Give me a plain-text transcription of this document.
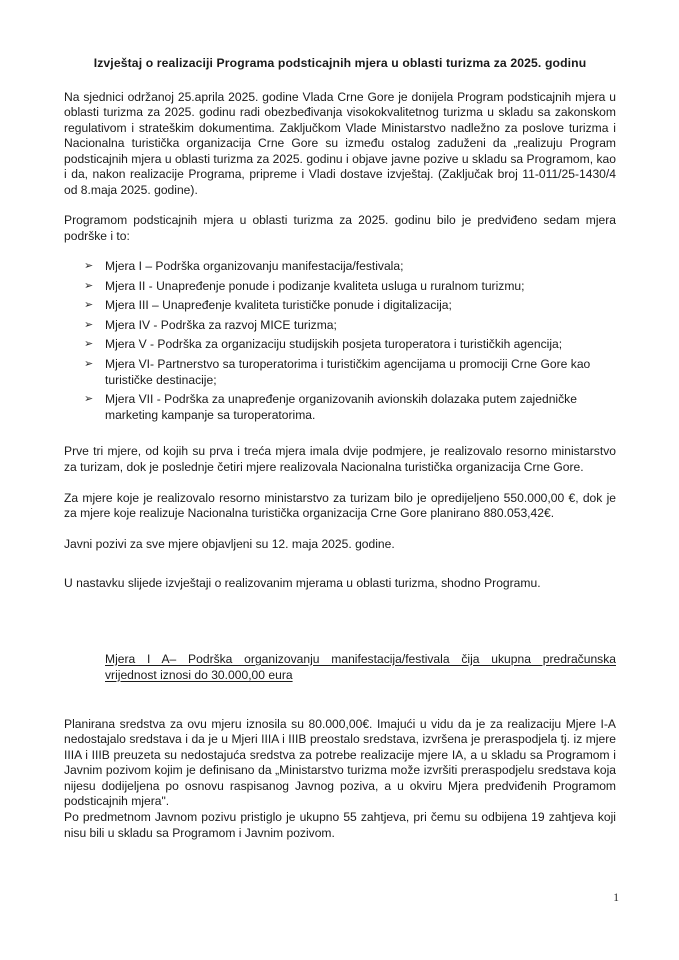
Izvještaj o realizaciji Programa podsticajnih mjera u oblasti turizma za 2025. godinu

Na sjednici održanoj 25.aprila 2025. godine Vlada Crne Gore je donijela Program podsticajnih mjera u oblasti turizma za 2025. godinu radi obezbeđivanja visokokvalitetnog turizma u skladu sa zakonskom regulativom i strateškim dokumentima. Zaključkom Vlade Ministarstvo nadležno za poslove turizma i Nacionalna turistička organizacija Crne Gore su između ostalog zaduženi da „realizuju Program podsticajnih mjera u oblasti turizma za 2025. godinu i objave javne pozive u skladu sa Programom, kao i da, nakon realizacije Programa, pripreme i Vladi dostave izvještaj. (Zaključak broj 11-011/25-1430/4 od 8.maja 2025. godine).

Programom podsticajnih mjera u oblasti turizma za 2025. godinu bilo je predviđeno sedam mjera podrške i to:

➢ Mjera I – Podrška organizovanju manifestacija/festivala;
➢ Mjera II - Unapređenje ponude i podizanje kvaliteta usluga u ruralnom turizmu;
➢ Mjera III – Unapređenje kvaliteta turističke ponude i digitalizacija;
➢ Mjera IV - Podrška za razvoj MICE turizma;
➢ Mjera V - Podrška za organizaciju studijskih posjeta turoperatora i turističkih agencija;
➢ Mjera VI- Partnerstvo sa turoperatorima i turističkim agencijama u promociji Crne Gore kao turističke destinacije;
➢ Mjera VII - Podrška za unapređenje organizovanih avionskih dolazaka putem zajedničke marketing kampanje sa turoperatorima.

Prve tri mjere, od kojih su prva i treća mjera imala dvije podmjere, je realizovalo resorno ministarstvo za turizam, dok je poslednje četiri mjere realizovala Nacionalna turistička organizacija Crne Gore.

Za mjere koje je realizovalo resorno ministarstvo za turizam bilo je opredijeljeno 550.000,00 €, dok je za mjere koje realizuje Nacionalna turistička organizacija Crne Gore planirano 880.053,42€.

Javni pozivi za sve mjere objavljeni su 12. maja 2025. godine.

U nastavku slijede izvještaji o realizovanim mjerama u oblasti turizma, shodno Programu.

Mjera I A– Podrška organizovanju manifestacija/festivala čija ukupna predračunska
vrijednost iznosi do 30.000,00 eura

Planirana sredstva za ovu mjeru iznosila su 80.000,00€. Imajući u vidu da je za realizaciju Mjere I-A nedostajalo sredstava i da je u Mjeri IIIA i IIIB preostalo sredstava, izvršena je preraspodjela tj. iz mjere IIIA i IIIB preuzeta su nedostajuća sredstva za potrebe realizacije mjere IA, a u skladu sa Programom i Javnim pozivom kojim je definisano da „Ministarstvo turizma može izvršiti preraspodjelu sredstava koja nijesu dodijeljena po osnovu raspisanog Javnog poziva, a u okviru Mjera predviđenih Programom podsticajnih mjera".

Po predmetnom Javnom pozivu pristiglo je ukupno 55 zahtjeva, pri čemu su odbijena 19 zahtjeva koji nisu bili u skladu sa Programom i Javnim pozivom.

1
